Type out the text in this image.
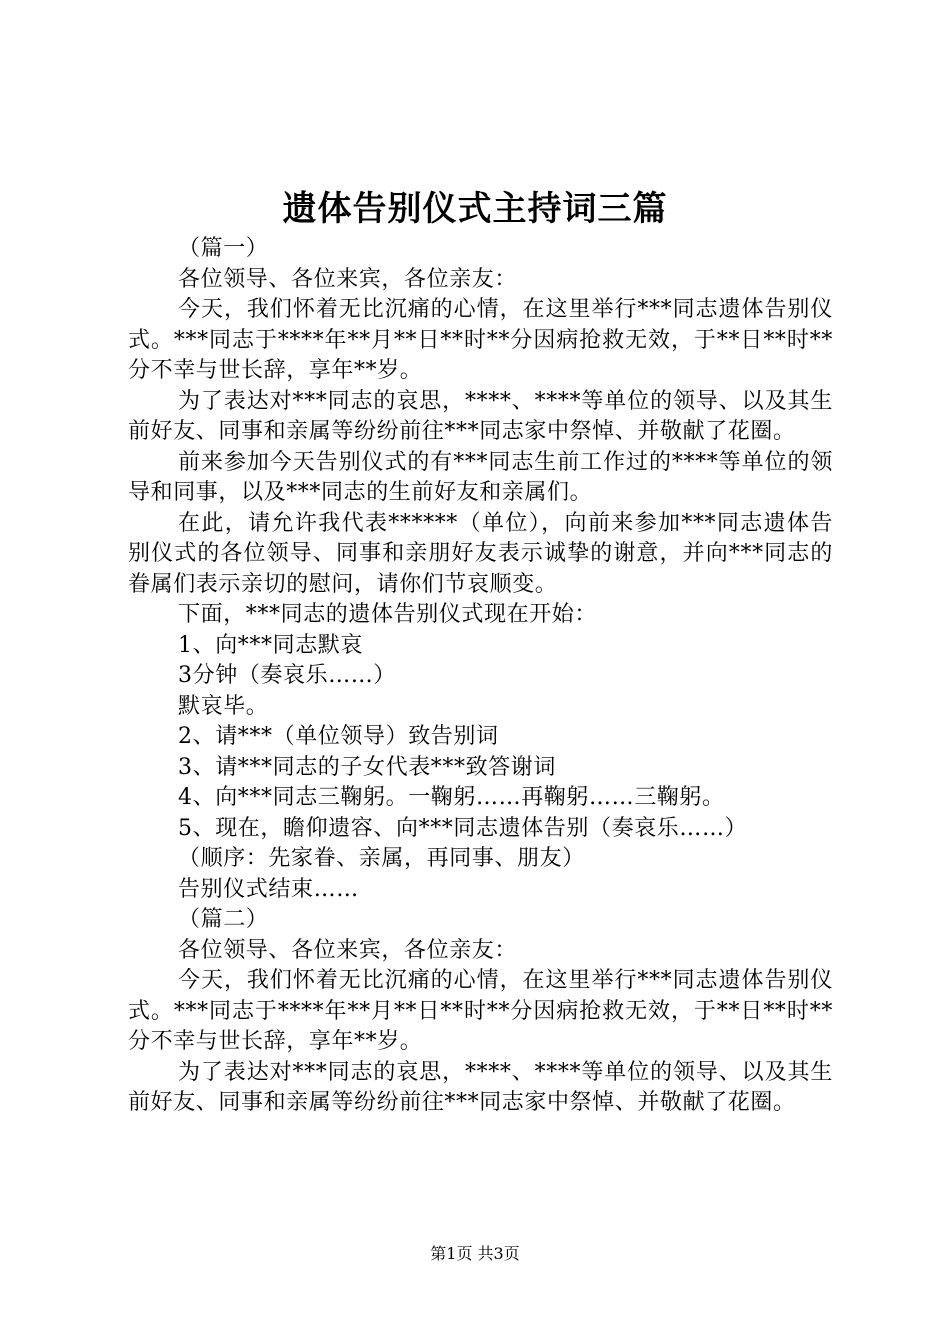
遗体告别仪式主持词三篇

（篇一）

各位领导、各位来宾，各位亲友：

今天，我们怀着无比沉痛的心情，在这里举行***同志遗体告别仪式。***同志于****年**月**日**时**分因病抢救无效，于**日**时**分不幸与世长辞，享年**岁。

为了表达对***同志的哀思，****、****等单位的领导、以及其生前好友、同事和亲属等纷纷前往***同志家中祭悼、并敬献了花圈。

前来参加今天告别仪式的有***同志生前工作过的****等单位的领导和同事，以及***同志的生前好友和亲属们。

在此，请允许我代表******（单位），向前来参加***同志遗体告别仪式的各位领导、同事和亲朋好友表示诚挚的谢意，并向***同志的眷属们表示亲切的慰问，请你们节哀顺变。

下面，***同志的遗体告别仪式现在开始：

1、向***同志默哀

3分钟（奏哀乐……）

默哀毕。

2、请***（单位领导）致告别词

3、请***同志的子女代表***致答谢词

4、向***同志三鞠躬。一鞠躬……再鞠躬……三鞠躬。

5、现在，瞻仰遗容、向***同志遗体告别（奏哀乐……）

（顺序：先家眷、亲属，再同事、朋友）

告别仪式结束……

（篇二）

各位领导、各位来宾，各位亲友：

今天，我们怀着无比沉痛的心情，在这里举行***同志遗体告别仪式。***同志于****年**月**日**时**分因病抢救无效，于**日**时**分不幸与世长辞，享年**岁。

为了表达对***同志的哀思，****、****等单位的领导、以及其生前好友、同事和亲属等纷纷前往***同志家中祭悼、并敬献了花圈。

第1页 共3页
